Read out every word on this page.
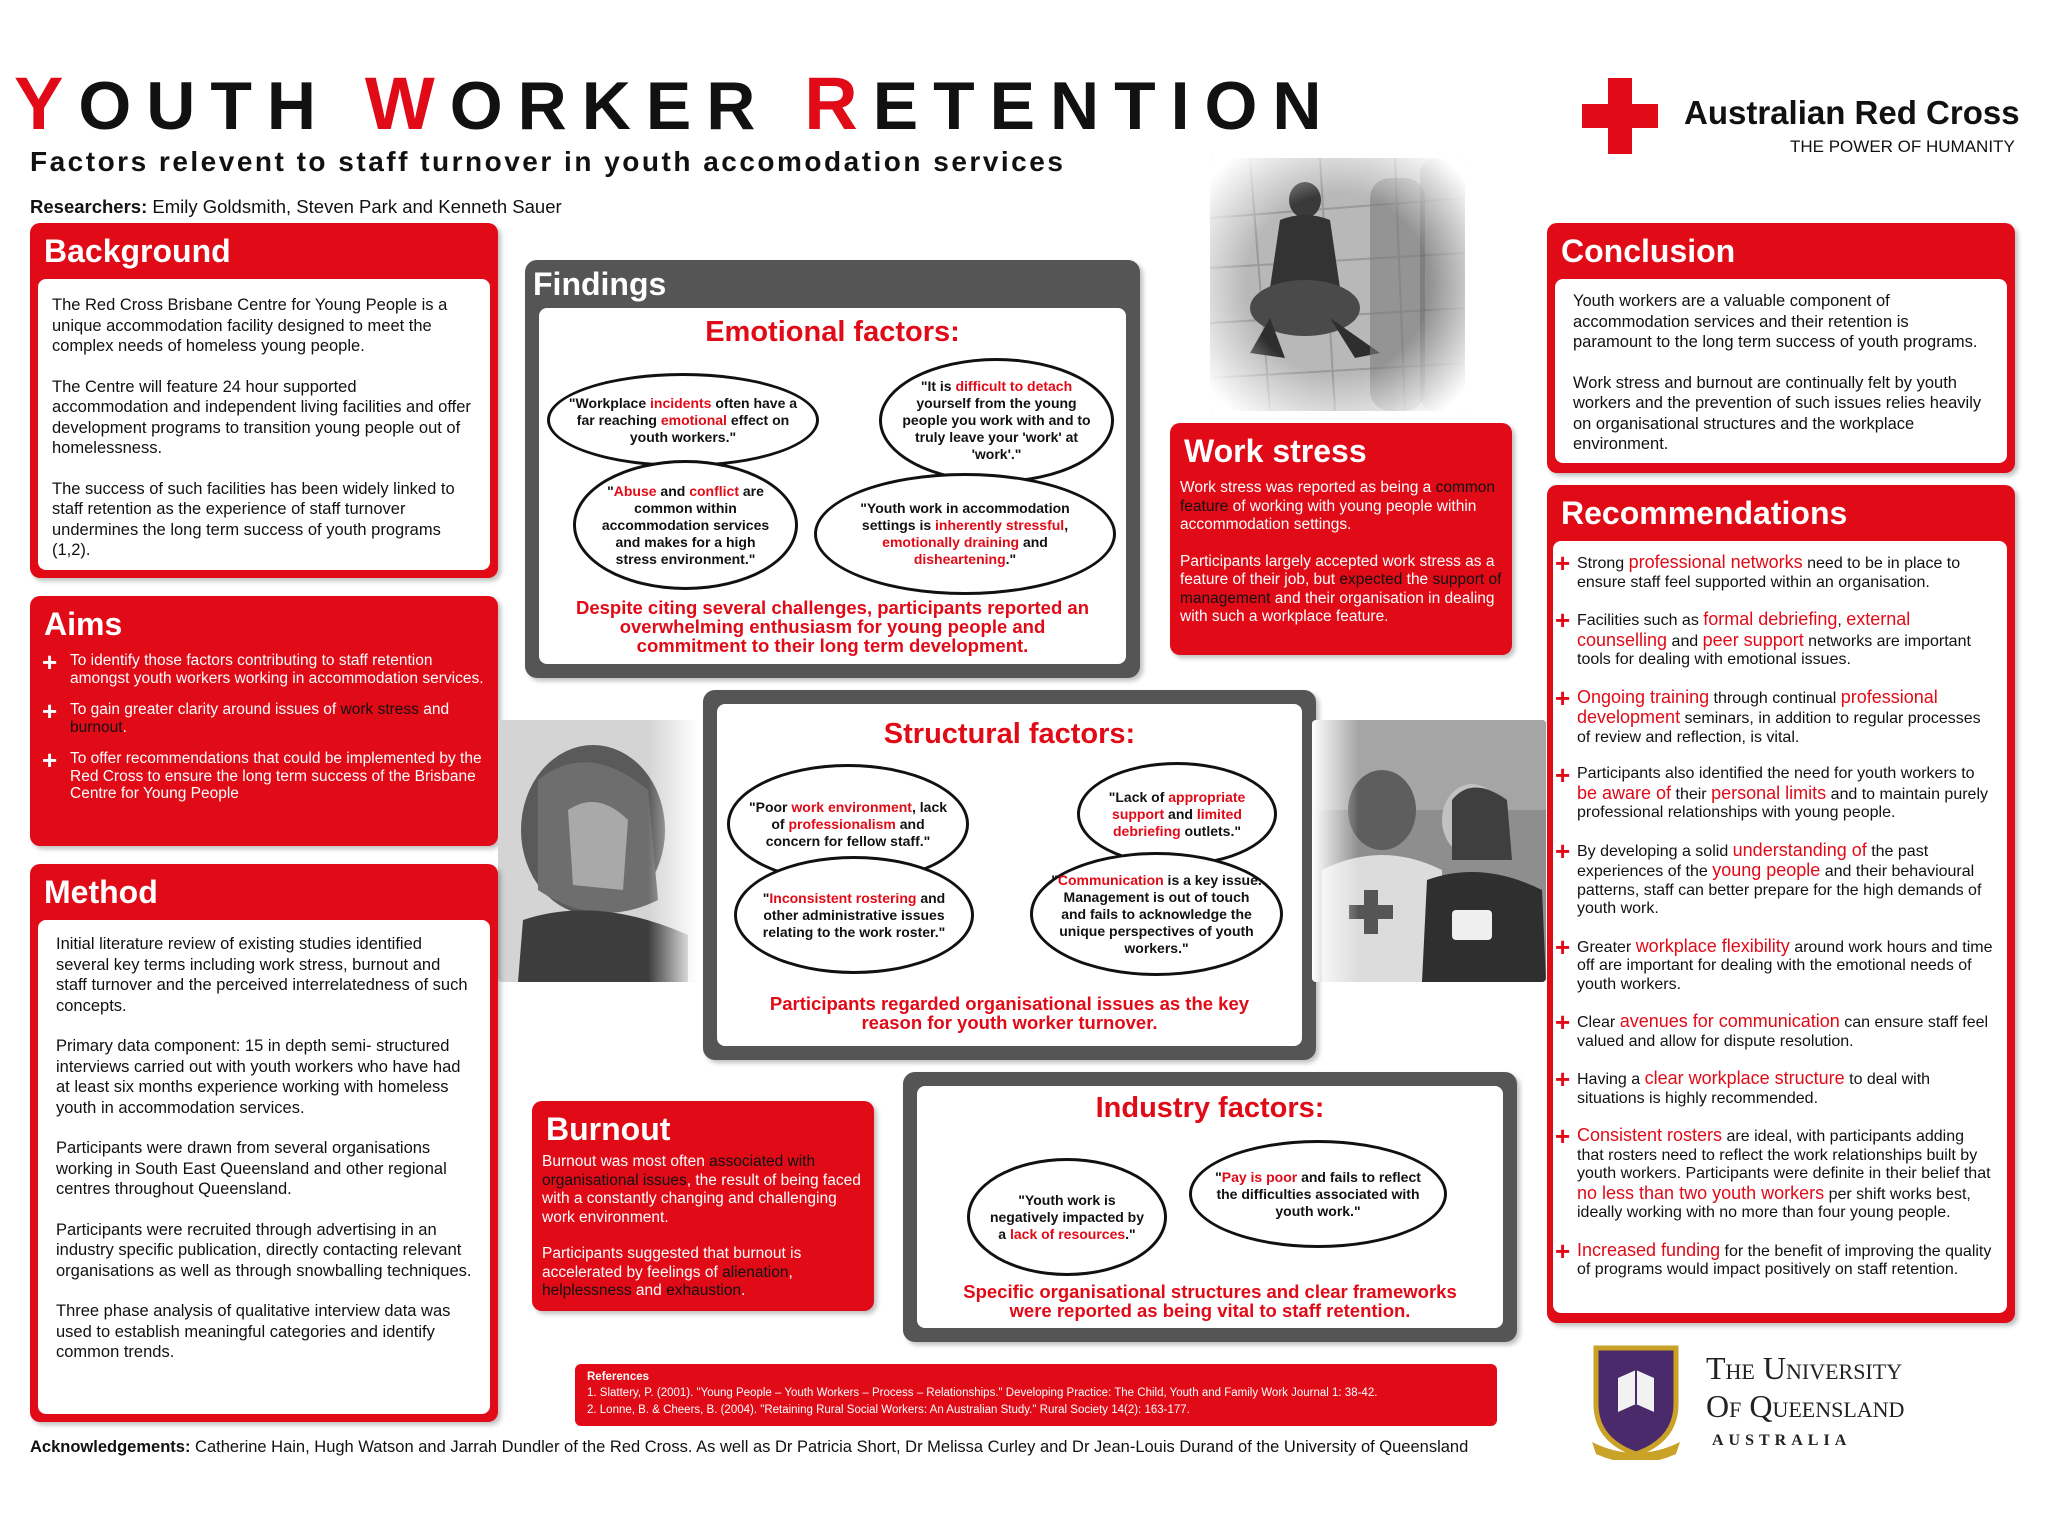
YOUTH WORKER RETENTION
Factors relevent to staff turnover in youth accomodation services
Researchers: Emily Goldsmith, Steven Park and Kenneth Sauer
Australian Red Cross
THE POWER OF HUMANITY
Background

The Red Cross Brisbane Centre for Young People is a unique accommodation facility designed to meet the complex needs of homeless young people.

The Centre will feature 24 hour supported accommodation and independent living facilities and offer development programs to transition young people out of homelessness.

The success of such facilities has been widely linked to staff retention as the experience of staff turnover undermines the long term success of youth programs (1,2).

Aims
+ To identify those factors contributing to staff retention amongst youth workers working in accommodation services.
+ To gain greater clarity around issues of work stress and burnout.
+ To offer recommendations that could be implemented by the Red Cross to ensure the long term success of the Brisbane Centre for Young People
Method

Initial literature review of existing studies identified several key terms including work stress, burnout and staff turnover and the perceived interrelatedness of such concepts.

Primary data component: 15 in depth semi- structured interviews carried out with youth workers who have had at least six months experience working with homeless youth in accommodation services.

Participants were drawn from several organisations working in South East Queensland and other regional centres throughout Queensland.

Participants were recruited through advertising in an industry specific publication, directly contacting relevant organisations as well as through snowballing techniques.

Three phase analysis of qualitative interview data was used to establish meaningful categories and identify common trends.

Findings
Emotional factors:
"Workplace incidents often have a far reaching emotional effect on youth workers."
"It is difficult to detach yourself from the young people you work with and to truly leave your 'work' at 'work'."
"Abuse and conflict are common within accommodation services and makes for a high stress environment."
"Youth work in accommodation settings is inherently stressful, emotionally draining and disheartening."
Despite citing several challenges, participants reported an overwhelming enthusiasm for young people and commitment to their long term development.
Work stress

Work stress was reported as being a common feature of working with young people within accommodation settings.

Participants largely accepted work stress as a feature of their job, but expected the support of management and their organisation in dealing with such a workplace feature.

Structural factors:
"Poor work environment, lack of professionalism and concern for fellow staff."
"Lack of appropriate support and limited debriefing outlets."
"Inconsistent rostering and other administrative issues relating to the work roster."
"Communication is a key issue. Management is out of touch and fails to acknowledge the unique perspectives of youth workers."
Participants regarded organisational issues as the key reason for youth worker turnover.
Burnout

Burnout was most often associated with organisational issues, the result of being faced with a constantly changing and challenging work environment.

Participants suggested that burnout is accelerated by feelings of alienation, helplessness and exhaustion.

Industry factors:
"Youth work is negatively impacted by a lack of resources."
"Pay is poor and fails to reflect the difficulties associated with youth work."
Specific organisational structures and clear frameworks were reported as being vital to staff retention.
References
1. Slattery, P. (2001). "Young People – Youth Workers – Process – Relationships." Developing Practice: The Child, Youth and Family Work Journal 1: 38-42.
2. Lonne, B. & Cheers, B. (2004). "Retaining Rural Social Workers: An Australian Study." Rural Society 14(2): 163-177.
Conclusion

Youth workers are a valuable component of accommodation services and their retention is paramount to the long term success of youth programs.

Work stress and burnout are continually felt by youth workers and the prevention of such issues relies heavily on organisational structures and the workplace environment.

Recommendations
+ Strong professional networks need to be in place to ensure staff feel supported within an organisation.
+ Facilities such as formal debriefing, external counselling and peer support networks are important tools for dealing with emotional issues.
+ Ongoing training through continual professional development seminars, in addition to regular processes of review and reflection, is vital.
+ Participants also identified the need for youth workers to be aware of their personal limits and to maintain purely professional relationships with young people.
+ By developing a solid understanding of the past experiences of the young people and their behavioural patterns, staff can better prepare for the high demands of youth work.
+ Greater workplace flexibility around work hours and time off are important for dealing with the emotional needs of youth workers.
+ Clear avenues for communication can ensure staff feel valued and allow for dispute resolution.
+ Having a clear workplace structure to deal with situations is highly recommended.
+ Consistent rosters are ideal, with participants adding that rosters need to reflect the work relationships built by youth workers. Participants were definite in their belief that no less than two youth workers per shift works best, ideally working with no more than four young people.
+ Increased funding for the benefit of improving the quality of programs would impact positively on staff retention.
The University
Of Queensland
AUSTRALIA
Acknowledgements: Catherine Hain, Hugh Watson and Jarrah Dundler of the Red Cross. As well as Dr Patricia Short, Dr Melissa Curley and Dr Jean-Louis Durand of the University of Queensland
